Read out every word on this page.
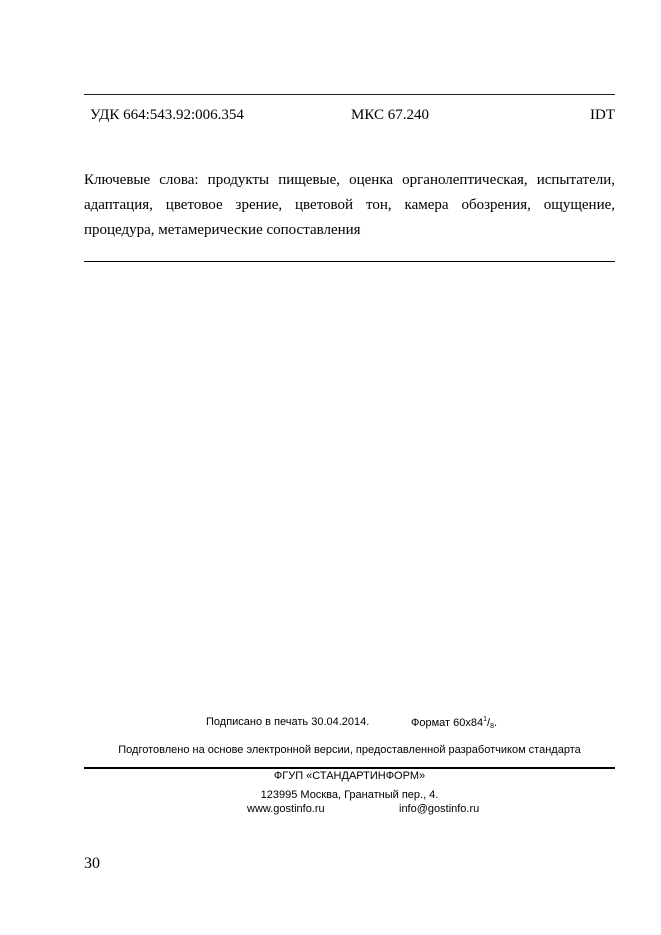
УДК 664:543.92:006.354	МКС 67.240	IDT
Ключевые слова: продукты пищевые, оценка органолептическая, испытатели, адаптация, цветовое зрение, цветовой тон, камера обозрения, ощущение, процедура, метамерические сопоставления
Подписано в печать 30.04.2014.	Формат $60x84^1/_8$.
Подготовлено на основе электронной версии, предоставленной разработчиком стандарта
ФГУП «СТАНДАРТИНФОРМ»
123995 Москва, Гранатный пер., 4.
www.gostinfo.ru	info@gostinfo.ru
30
